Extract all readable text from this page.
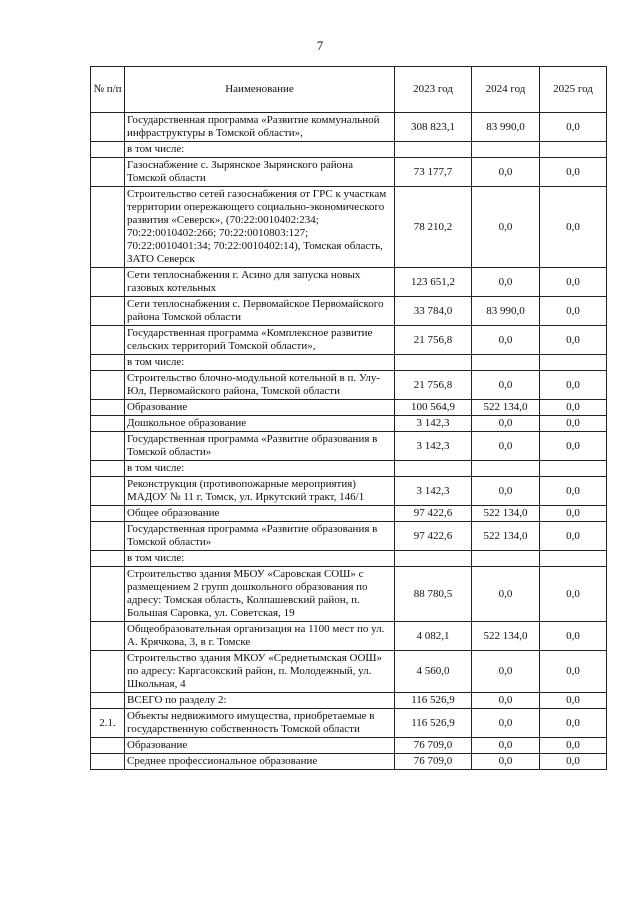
7
№ п/п	Наименование	2023 год	2024 год	2025 год
	Государственная программа «Развитие коммунальной инфраструктуры в Томской области»,	308 823,1	83 990,0	0,0
	в том числе:			
	Газоснабжение с. Зырянское Зырянского района Томской области	73 177,7	0,0	0,0
	Строительство сетей газоснабжения от ГРС к участкам территории опережающего социально-экономического развития «Северск», (70:22:0010402:234; 70:22:0010402:266; 70:22:0010803:127; 70:22:0010401:34; 70:22:0010402:14), Томская область, ЗАТО Северск	78 210,2	0,0	0,0
	Сети теплоснабжения г. Асино для запуска новых газовых котельных	123 651,2	0,0	0,0
	Сети теплоснабжения с. Первомайское Первомайского района Томской области	33 784,0	83 990,0	0,0
	Государственная программа «Комплексное развитие сельских территорий Томской области»,	21 756,8	0,0	0,0
	в том числе:			
	Строительство блочно-модульной котельной в п. Улу-Юл, Первомайского района, Томской области	21 756,8	0,0	0,0
	Образование	100 564,9	522 134,0	0,0
	Дошкольное образование	3 142,3	0,0	0,0
	Государственная программа «Развитие образования в Томской области»	3 142,3	0,0	0,0
	в том числе:			
	Реконструкция (противопожарные мероприятия) МАДОУ № 11 г. Томск, ул. Иркутский тракт, 146/1	3 142,3	0,0	0,0
	Общее образование	97 422,6	522 134,0	0,0
	Государственная программа «Развитие образования в Томской области»	97 422,6	522 134,0	0,0
	в том числе:			
	Строительство здания МБОУ «Саровская СОШ» с размещением 2 групп дошкольного образования по адресу: Томская область, Колпашевский район, п. Большая Саровка, ул. Советская, 19	88 780,5	0,0	0,0
	Общеобразовательная организация на 1100 мест по ул. А. Крячкова, 3, в г. Томске	4 082,1	522 134,0	0,0
	Строительство здания МКОУ «Среднетымская ООШ» по адресу: Каргасокский район, п. Молодежный, ул. Школьная, 4	4 560,0	0,0	0,0
	ВСЕГО по разделу 2:	116 526,9	0,0	0,0
2.1.	Объекты недвижимого имущества, приобретаемые в государственную собственность Томской области	116 526,9	0,0	0,0
	Образование	76 709,0	0,0	0,0
	Среднее профессиональное образование	76 709,0	0,0	0,0
